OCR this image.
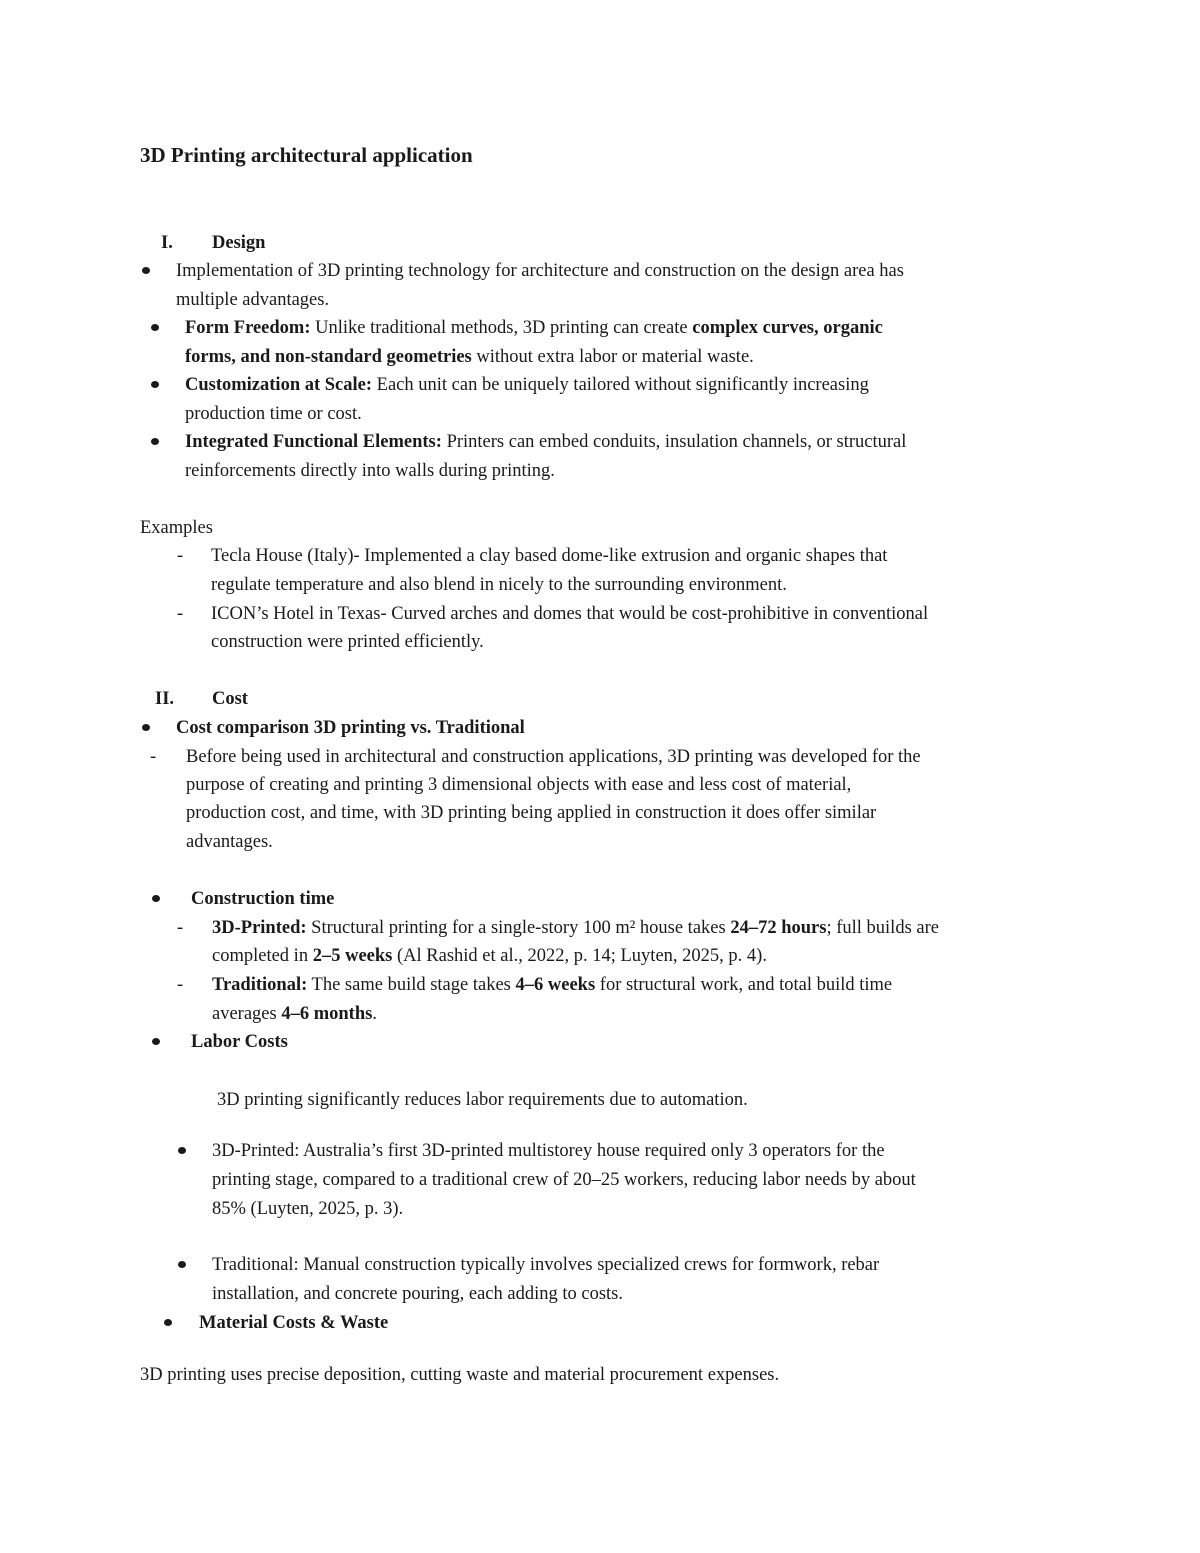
3D Printing architectural application

I. Design

Implementation of 3D printing technology for architecture and construction on the design area has

multiple advantages.

Form Freedom: Unlike traditional methods, 3D printing can create complex curves, organic

forms, and non-standard geometries without extra labor or material waste.

Customization at Scale: Each unit can be uniquely tailored without significantly increasing

production time or cost.

Integrated Functional Elements: Printers can embed conduits, insulation channels, or structural

reinforcements directly into walls during printing.

Examples

- Tecla House (Italy)- Implemented a clay based dome-like extrusion and organic shapes that

regulate temperature and also blend in nicely to the surrounding environment.

- ICON’s Hotel in Texas- Curved arches and domes that would be cost-prohibitive in conventional

construction were printed efficiently.

II. Cost

Cost comparison 3D printing vs. Traditional

- Before being used in architectural and construction applications, 3D printing was developed for the

purpose of creating and printing 3 dimensional objects with ease and less cost of material,

production cost, and time, with 3D printing being applied in construction it does offer similar

advantages.

Construction time

- 3D-Printed: Structural printing for a single-story 100 m² house takes 24–72 hours; full builds are

completed in 2–5 weeks (Al Rashid et al., 2022, p. 14; Luyten, 2025, p. 4).

- Traditional: The same build stage takes 4–6 weeks for structural work, and total build time

averages 4–6 months.

Labor Costs

3D printing significantly reduces labor requirements due to automation.

3D-Printed: Australia’s first 3D-printed multistorey house required only 3 operators for the

printing stage, compared to a traditional crew of 20–25 workers, reducing labor needs by about

85% (Luyten, 2025, p. 3).

Traditional: Manual construction typically involves specialized crews for formwork, rebar

installation, and concrete pouring, each adding to costs.

Material Costs & Waste

3D printing uses precise deposition, cutting waste and material procurement expenses.
